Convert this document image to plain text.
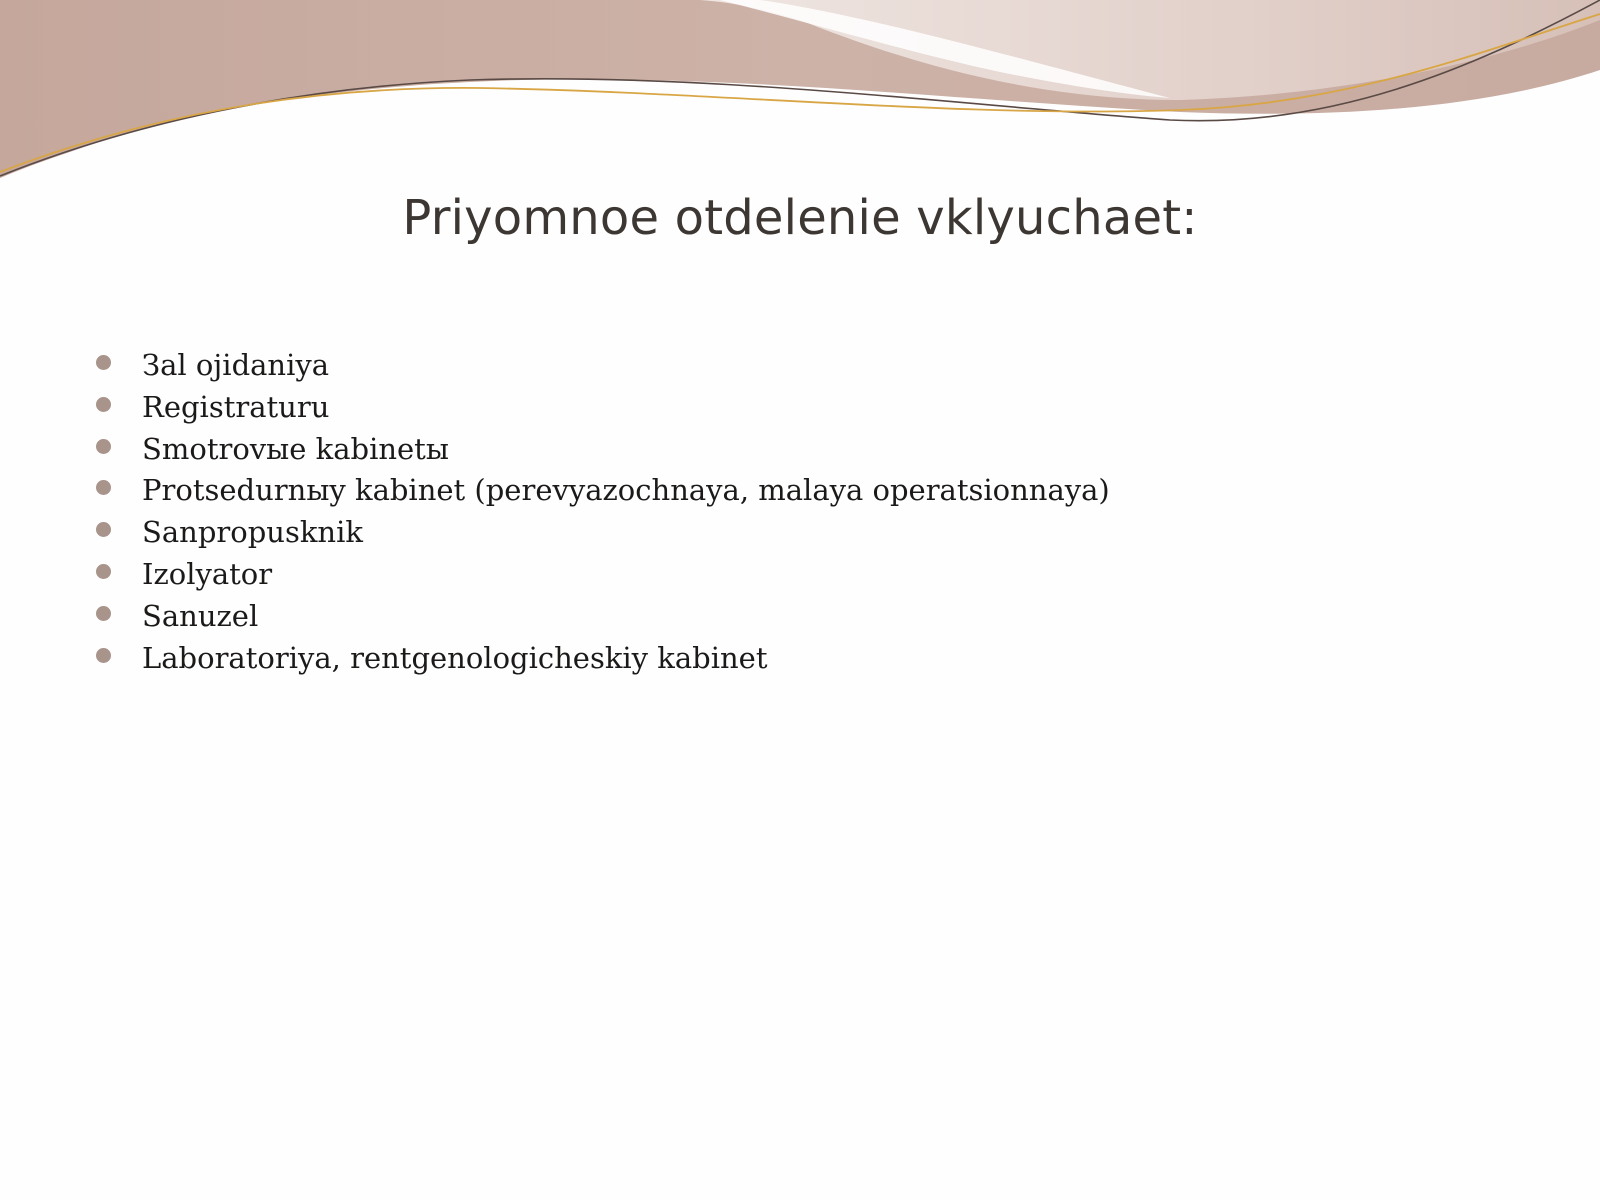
Priyomnoe otdelenie vklyuchaet:
Зal ojidaniya
Registraturu
Smotrovыe kabinetы
Protsedurnыy kabinet (perevyazochnaya, malaya operatsionnaya)
Sanpropusknik
Izolyator
Sanuzel
Laboratoriya, rentgenologicheskiy kabinet
